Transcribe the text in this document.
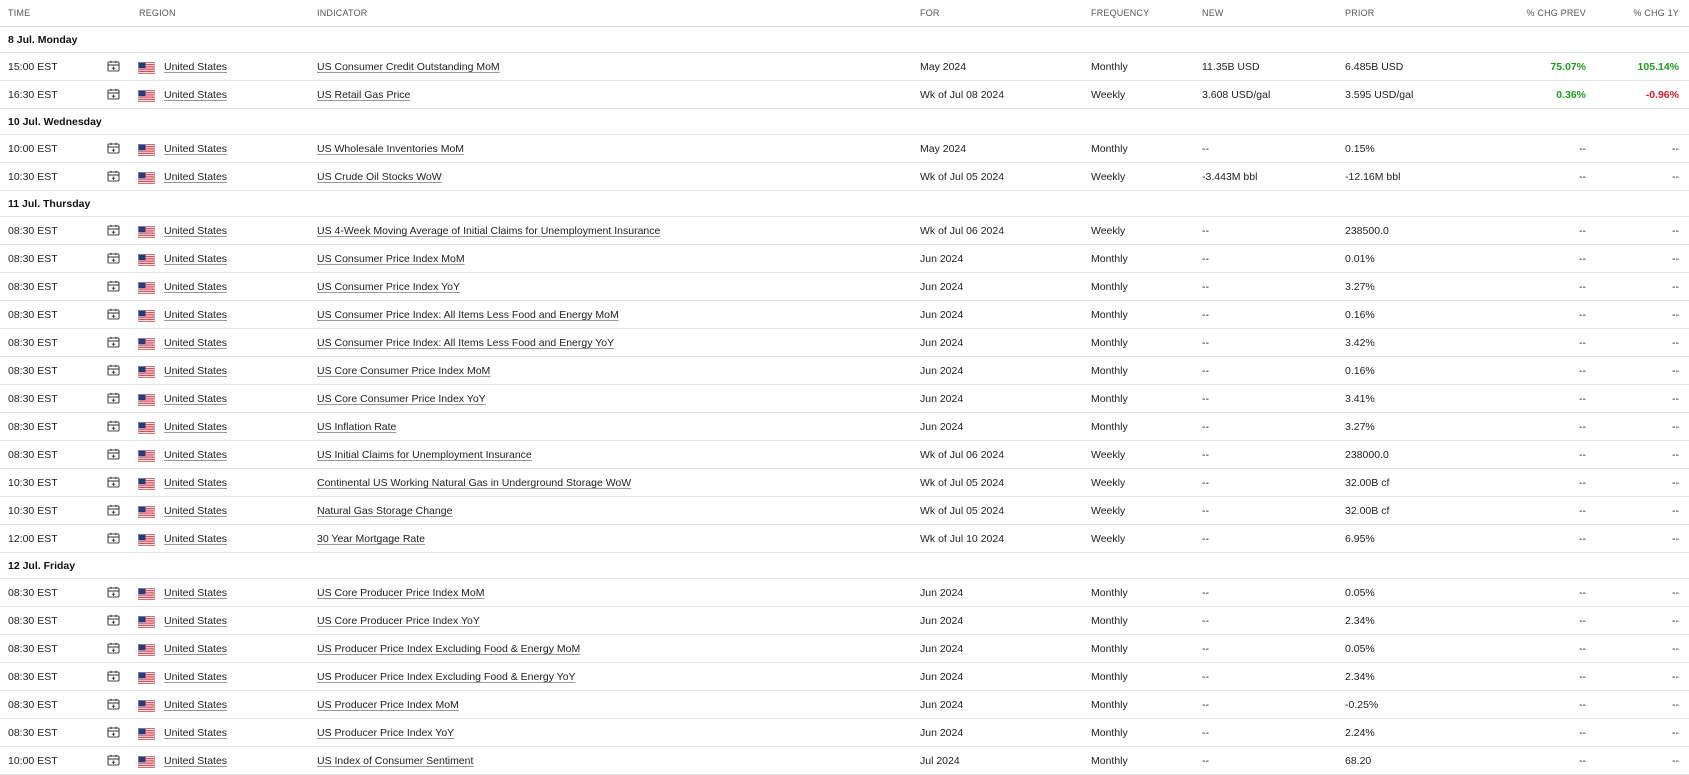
TIME	REGION	INDICATOR	FOR	FREQUENCY	NEW	PRIOR	% CHG PREV	% CHG 1Y
8 Jul. Monday
15:00 EST	United States	US Consumer Credit Outstanding MoM	May 2024	Monthly	11.35B USD	6.485B USD	75.07%	105.14%
16:30 EST	United States	US Retail Gas Price	Wk of Jul 08 2024	Weekly	3.608 USD/gal	3.595 USD/gal	0.36%	-0.96%
10 Jul. Wednesday
10:00 EST	United States	US Wholesale Inventories MoM	May 2024	Monthly	--	0.15%	--	--
10:30 EST	United States	US Crude Oil Stocks WoW	Wk of Jul 05 2024	Weekly	-3.443M bbl	-12.16M bbl	--	--
11 Jul. Thursday
08:30 EST	United States	US 4-Week Moving Average of Initial Claims for Unemployment Insurance	Wk of Jul 06 2024	Weekly	--	238500.0	--	--
08:30 EST	United States	US Consumer Price Index MoM	Jun 2024	Monthly	--	0.01%	--	--
08:30 EST	United States	US Consumer Price Index YoY	Jun 2024	Monthly	--	3.27%	--	--
08:30 EST	United States	US Consumer Price Index: All Items Less Food and Energy MoM	Jun 2024	Monthly	--	0.16%	--	--
08:30 EST	United States	US Consumer Price Index: All Items Less Food and Energy YoY	Jun 2024	Monthly	--	3.42%	--	--
08:30 EST	United States	US Core Consumer Price Index MoM	Jun 2024	Monthly	--	0.16%	--	--
08:30 EST	United States	US Core Consumer Price Index YoY	Jun 2024	Monthly	--	3.41%	--	--
08:30 EST	United States	US Inflation Rate	Jun 2024	Monthly	--	3.27%	--	--
08:30 EST	United States	US Initial Claims for Unemployment Insurance	Wk of Jul 06 2024	Weekly	--	238000.0	--	--
10:30 EST	United States	Continental US Working Natural Gas in Underground Storage WoW	Wk of Jul 05 2024	Weekly	--	32.00B cf	--	--
10:30 EST	United States	Natural Gas Storage Change	Wk of Jul 05 2024	Weekly	--	32.00B cf	--	--
12:00 EST	United States	30 Year Mortgage Rate	Wk of Jul 10 2024	Weekly	--	6.95%	--	--
12 Jul. Friday
08:30 EST	United States	US Core Producer Price Index MoM	Jun 2024	Monthly	--	0.05%	--	--
08:30 EST	United States	US Core Producer Price Index YoY	Jun 2024	Monthly	--	2.34%	--	--
08:30 EST	United States	US Producer Price Index Excluding Food & Energy MoM	Jun 2024	Monthly	--	0.05%	--	--
08:30 EST	United States	US Producer Price Index Excluding Food & Energy YoY	Jun 2024	Monthly	--	2.34%	--	--
08:30 EST	United States	US Producer Price Index MoM	Jun 2024	Monthly	--	-0.25%	--	--
08:30 EST	United States	US Producer Price Index YoY	Jun 2024	Monthly	--	2.24%	--	--
10:00 EST	United States	US Index of Consumer Sentiment	Jul 2024	Monthly	--	68.20	--	--
